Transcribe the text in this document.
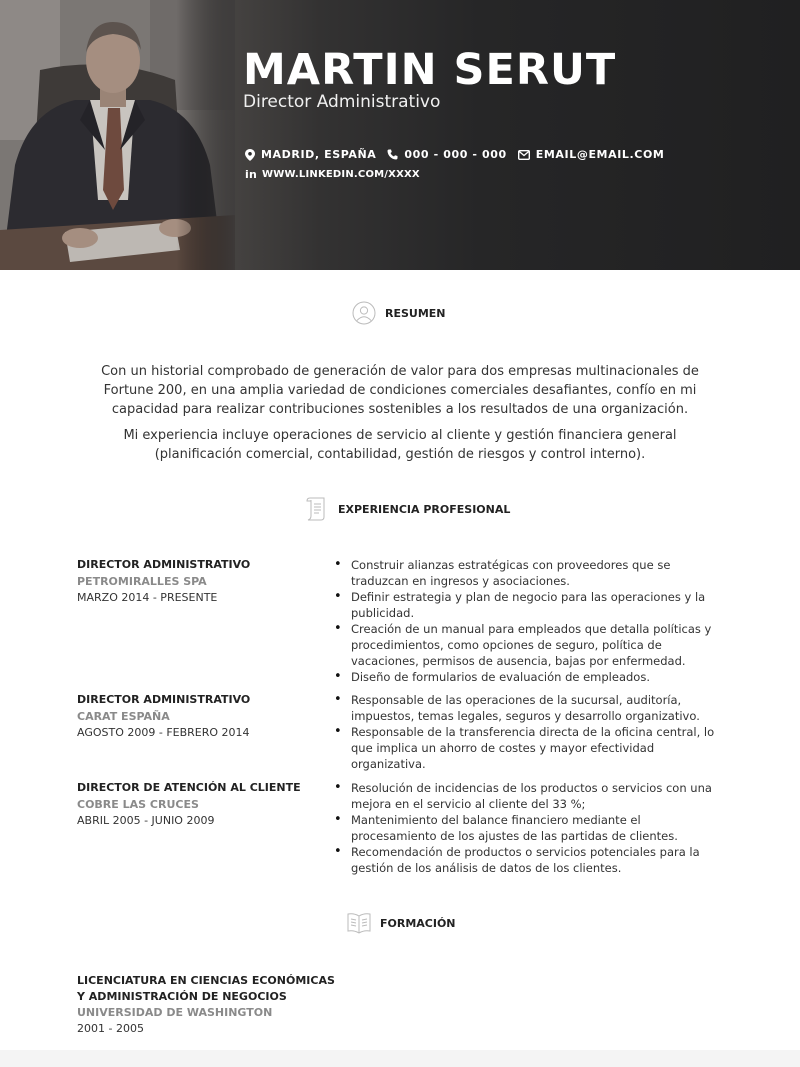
MARTIN SERUT
Director Administrativo
MADRID, ESPAÑA	000 - 000 - 000	EMAIL@EMAIL.COM
in WWW.LINKEDIN.COM/XXXX
RESUMEN

Con un historial comprobado de generación de valor para dos empresas multinacionales de Fortune 200, en una amplia variedad de condiciones comerciales desafiantes, confío en mi capacidad para realizar contribuciones sostenibles a los resultados de una organización.

Mi experiencia incluye operaciones de servicio al cliente y gestión financiera general (planificación comercial, contabilidad, gestión de riesgos y control interno).

EXPERIENCIA PROFESIONAL
DIRECTOR ADMINISTRATIVO
PETROMIRALLES SPA
MARZO 2014 - PRESENTE
• Construir alianzas estratégicas con proveedores que se traduzcan en ingresos y asociaciones.
• Definir estrategia y plan de negocio para las operaciones y la publicidad.
• Creación de un manual para empleados que detalla políticas y procedimientos, como opciones de seguro, política de vacaciones, permisos de ausencia, bajas por enfermedad.
• Diseño de formularios de evaluación de empleados.
DIRECTOR ADMINISTRATIVO
CARAT ESPAÑA
AGOSTO 2009 - FEBRERO 2014
• Responsable de las operaciones de la sucursal, auditoría, impuestos, temas legales, seguros y desarrollo organizativo.
• Responsable de la transferencia directa de la oficina central, lo que implica un ahorro de costes y mayor efectividad organizativa.
DIRECTOR DE ATENCIÓN AL CLIENTE
COBRE LAS CRUCES
ABRIL 2005 - JUNIO 2009
• Resolución de incidencias de los productos o servicios con una mejora en el servicio al cliente del 33 %;
• Mantenimiento del balance financiero mediante el procesamiento de los ajustes de las partidas de clientes.
• Recomendación de productos o servicios potenciales para la gestión de los análisis de datos de los clientes.
FORMACIÓN
LICENCIATURA EN CIENCIAS ECONÓMICAS Y ADMINISTRACIÓN DE NEGOCIOS
UNIVERSIDAD DE WASHINGTON
2001 - 2005
